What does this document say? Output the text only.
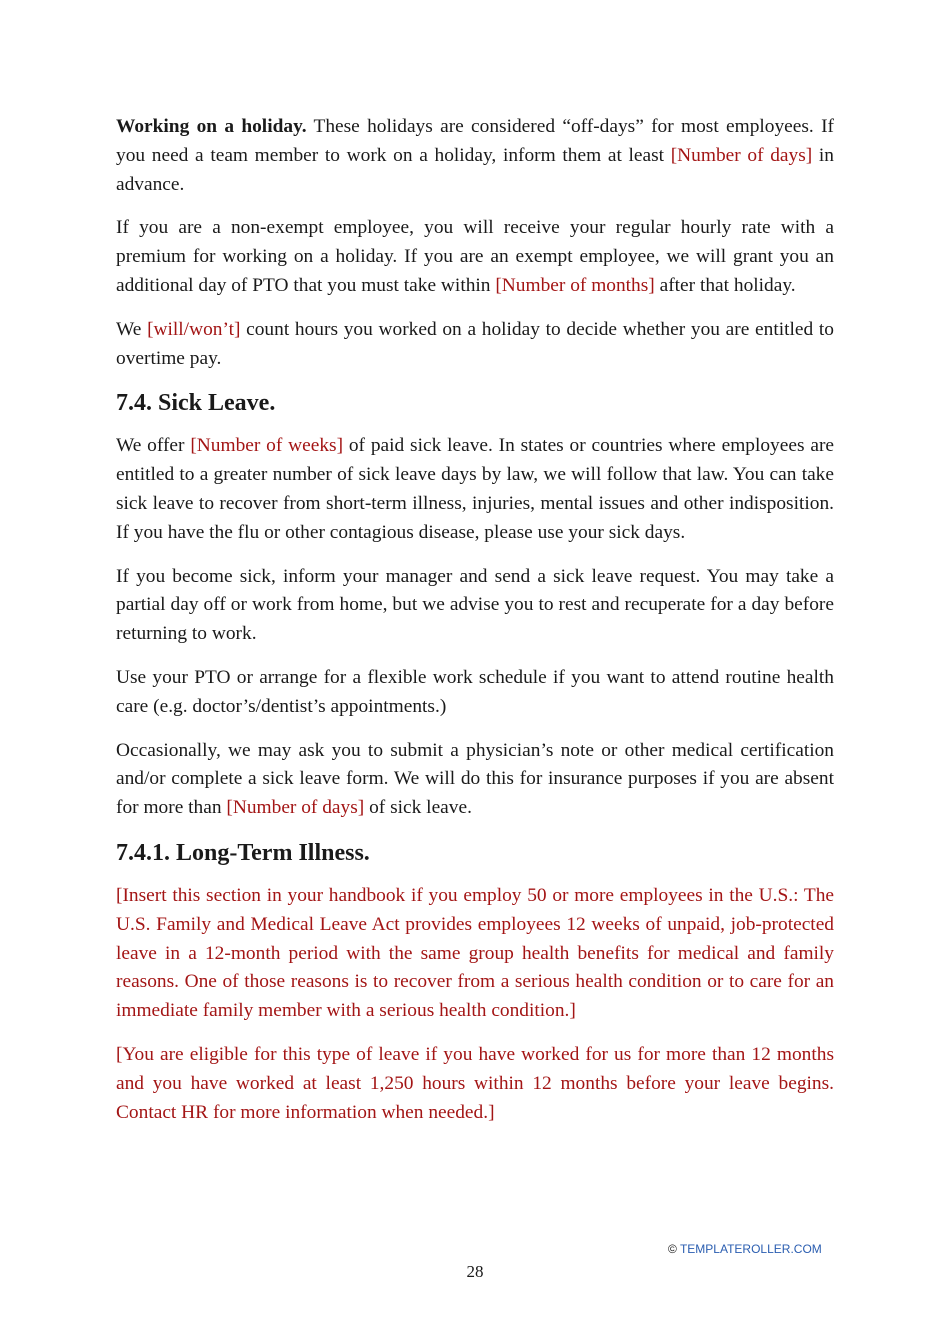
Working on a holiday. These holidays are considered “off-days” for most employees. If you need a team member to work on a holiday, inform them at least [Number of days] in advance.

If you are a non-exempt employee, you will receive your regular hourly rate with a premium for working on a holiday. If you are an exempt employee, we will grant you an additional day of PTO that you must take within [Number of months] after that holiday.

We [will/won’t] count hours you worked on a holiday to decide whether you are entitled to overtime pay.

7.4. Sick Leave.

We offer [Number of weeks] of paid sick leave. In states or countries where employees are entitled to a greater number of sick leave days by law, we will follow that law. You can take sick leave to recover from short-term illness, injuries, mental issues and other indisposition. If you have the flu or other contagious disease, please use your sick days.

If you become sick, inform your manager and send a sick leave request. You may take a partial day off or work from home, but we advise you to rest and recuperate for a day before returning to work.

Use your PTO or arrange for a flexible work schedule if you want to attend routine health care (e.g. doctor’s/dentist’s appointments.)

Occasionally, we may ask you to submit a physician’s note or other medical certification and/or complete a sick leave form. We will do this for insurance purposes if you are absent for more than [Number of days] of sick leave.

7.4.1. Long-Term Illness.

[Insert this section in your handbook if you employ 50 or more employees in the U.S.: The U.S. Family and Medical Leave Act provides employees 12 weeks of unpaid, job-protected leave in a 12-month period with the same group health benefits for medical and family reasons. One of those reasons is to recover from a serious health condition or to care for an immediate family member with a serious health condition.]

[You are eligible for this type of leave if you have worked for us for more than 12 months and you have worked at least 1,250 hours within 12 months before your leave begins. Contact HR for more information when needed.]

© TEMPLATEROLLER.COM
28
